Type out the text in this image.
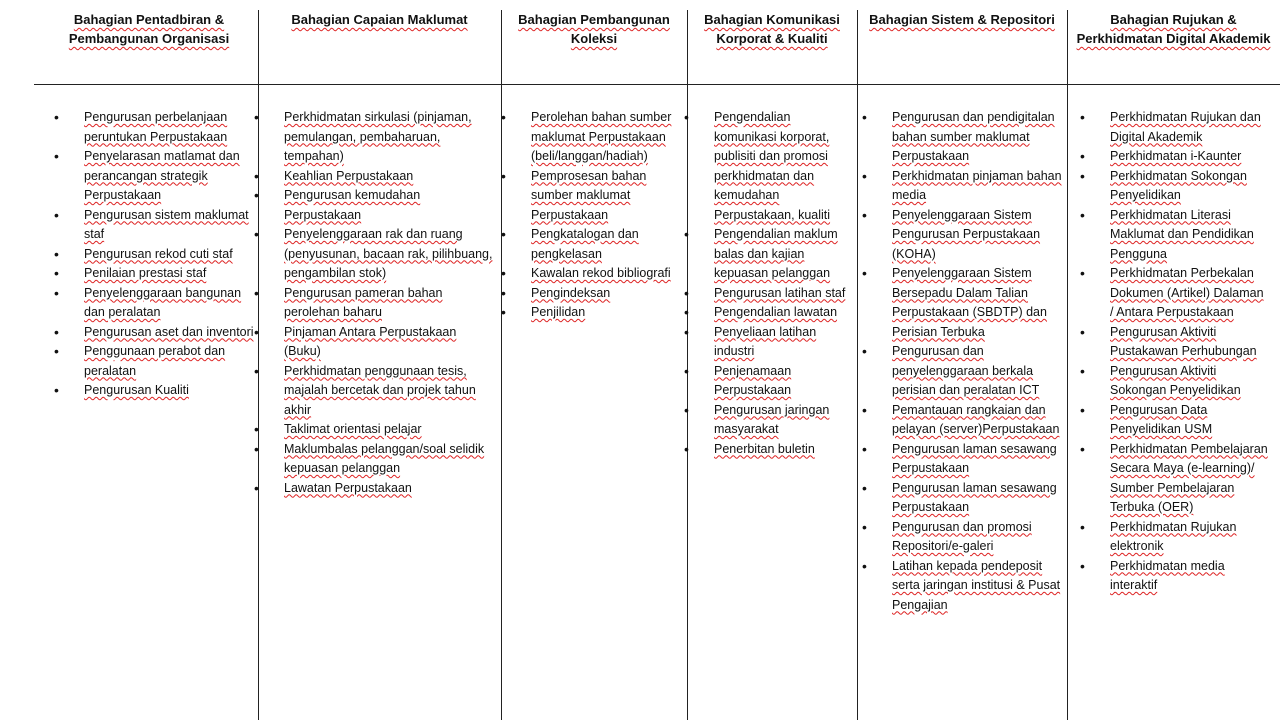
Bahagian Pentadbiran & Pembangunan Organisasi
• Pengurusan perbelanjaan peruntukan Perpustakaan
• Penyelarasan matlamat dan perancangan strategik Perpustakaan
• Pengurusan sistem maklumat staf
• Pengurusan rekod cuti staf
• Penilaian prestasi staf
• Penyelenggaraan bangunan dan peralatan
• Pengurusan aset dan inventori
• Penggunaan perabot dan peralatan
• Pengurusan Kualiti
Bahagian Capaian Maklumat
• Perkhidmatan sirkulasi (pinjaman, pemulangan, pembaharuan, tempahan)
• Keahlian Perpustakaan
• Pengurusan kemudahan Perpustakaan
• Penyelenggaraan rak dan ruang (penyusunan, bacaan rak, pilihbuang, pengambilan stok)
• Pengurusan pameran bahan perolehan baharu
• Pinjaman Antara Perpustakaan (Buku)
• Perkhidmatan penggunaan tesis, majalah bercetak dan projek tahun akhir
• Taklimat orientasi pelajar
• Maklumbalas pelanggan/soal selidik kepuasan pelanggan
• Lawatan Perpustakaan
Bahagian Pembangunan Koleksi
• Perolehan bahan sumber maklumat Perpustakaan (beli/langgan/hadiah)
• Pemprosesan bahan sumber maklumat Perpustakaan
• Pengkatalogan dan pengkelasan
• Kawalan rekod bibliografi
• Pengindeksan
• Penjilidan
Bahagian Komunikasi Korporat & Kualiti
• Pengendalian komunikasi korporat, publisiti dan promosi perkhidmatan dan kemudahan Perpustakaan, kualiti
• Pengendalian maklum balas dan kajian kepuasan pelanggan
• Pengurusan latihan staf
• Pengendalian lawatan
• Penyeliaan latihan industri
• Penjenamaan Perpustakaan
• Pengurusan jaringan masyarakat
• Penerbitan buletin
Bahagian Sistem & Repositori
• Pengurusan dan pendigitalan bahan sumber maklumat Perpustakaan
• Perkhidmatan pinjaman bahan media
• Penyelenggaraan Sistem Pengurusan Perpustakaan (KOHA)
• Penyelenggaraan Sistem Bersepadu Dalam Talian Perpustakaan (SBDTP) dan Perisian Terbuka
• Pengurusan dan penyelenggaraan berkala perisian dan peralatan ICT
• Pemantauan rangkaian dan pelayan (server)Perpustakaan
• Pengurusan laman sesawang Perpustakaan
• Pengurusan laman sesawang Perpustakaan
• Pengurusan dan promosi Repositori/e-galeri
• Latihan kepada pendeposit serta jaringan institusi & Pusat Pengajian
Bahagian Rujukan & Perkhidmatan Digital Akademik
• Perkhidmatan Rujukan dan Digital Akademik
• Perkhidmatan i-Kaunter
• Perkhidmatan Sokongan Penyelidikan
• Perkhidmatan Literasi Maklumat dan Pendidikan Pengguna
• Perkhidmatan Perbekalan Dokumen (Artikel) Dalaman / Antara Perpustakaan
• Pengurusan Aktiviti Pustakawan Perhubungan
• Pengurusan Aktiviti Sokongan Penyelidikan
• Pengurusan Data Penyelidikan USM
• Perkhidmatan Pembelajaran Secara Maya (e-learning)/ Sumber Pembelajaran Terbuka (OER)
• Perkhidmatan Rujukan elektronik
• Perkhidmatan media interaktif
